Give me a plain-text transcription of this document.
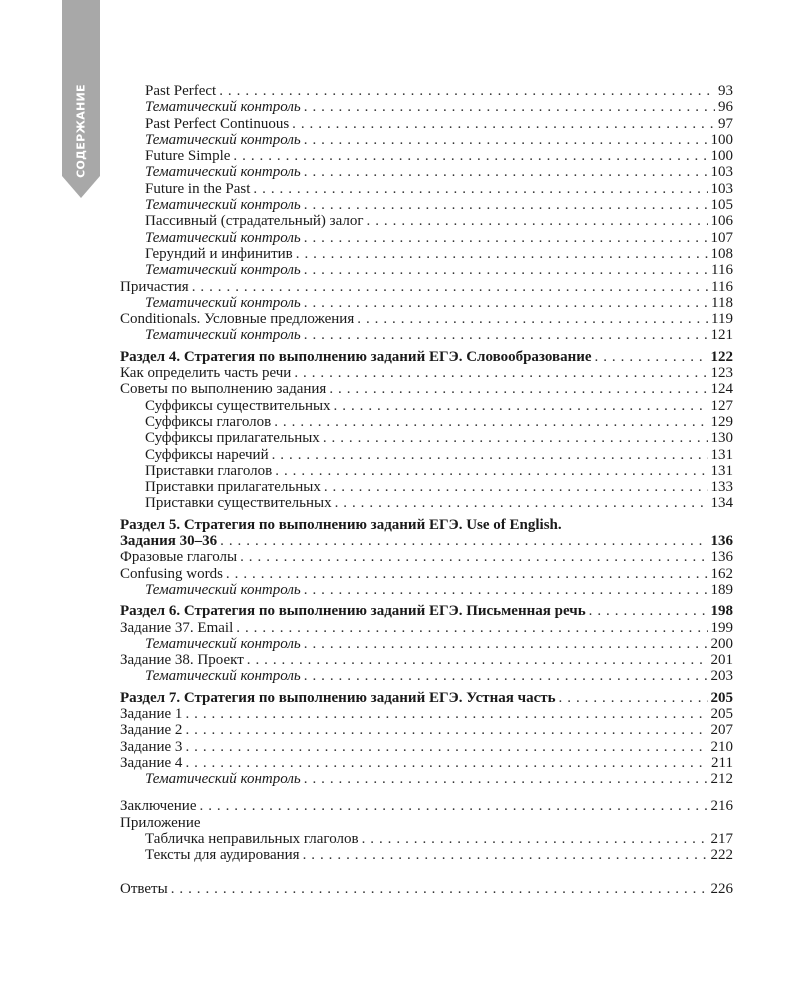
СОДЕРЖАНИЕ	Past Perfect . . .	93
Тематический контроль . . .	96
Past Perfect Continuous . . .	97
Тематический контроль . . .	100
Future Simple . . .	100
Тематический контроль . . .	103
Future in the Past . . .	103
Тематический контроль . . .	105
Пассивный (страдательный) залог . . .	106
Тематический контроль . . .	107
Герундий и инфинитив . . .	108
Тематический контроль . . .	116
Причастия . . .	116
Тематический контроль . . .	118
Conditionals. Условные предложения . . .	119
Тематический контроль . . .	121
Раздел 4. Стратегия по выполнению заданий ЕГЭ. Словообразование . . .	122
Как определить часть речи . . .	123
Советы по выполнению задания . . .	124
Суффиксы существительных . . .	127
Суффиксы глаголов . . .	129
Суффиксы прилагательных . . .	130
Суффиксы наречий . . .	131
Приставки глаголов . . .	131
Приставки прилагательных . . .	133
Приставки существительных . . .	134
Раздел 5. Стратегия по выполнению заданий ЕГЭ. Use of English.
Задания 30–36 . . .	136
Фразовые глаголы . . .	136
Confusing words . . .	162
Тематический контроль . . .	189
Раздел 6. Стратегия по выполнению заданий ЕГЭ. Письменная речь . . .	198
Задание 37. Email . . .	199
Тематический контроль . . .	200
Задание 38. Проект . . .	201
Тематический контроль . . .	203
Раздел 7. Стратегия по выполнению заданий ЕГЭ. Устная часть . . .	205
Задание 1 . . .	205
Задание 2 . . .	207
Задание 3 . . .	210
Задание 4 . . .	211
Тематический контроль . . .	212
Заключение . . .	216
Приложение
Табличка неправильных глаголов . . .	217
Тексты для аудирования . . .	222
Ответы . . .	226
